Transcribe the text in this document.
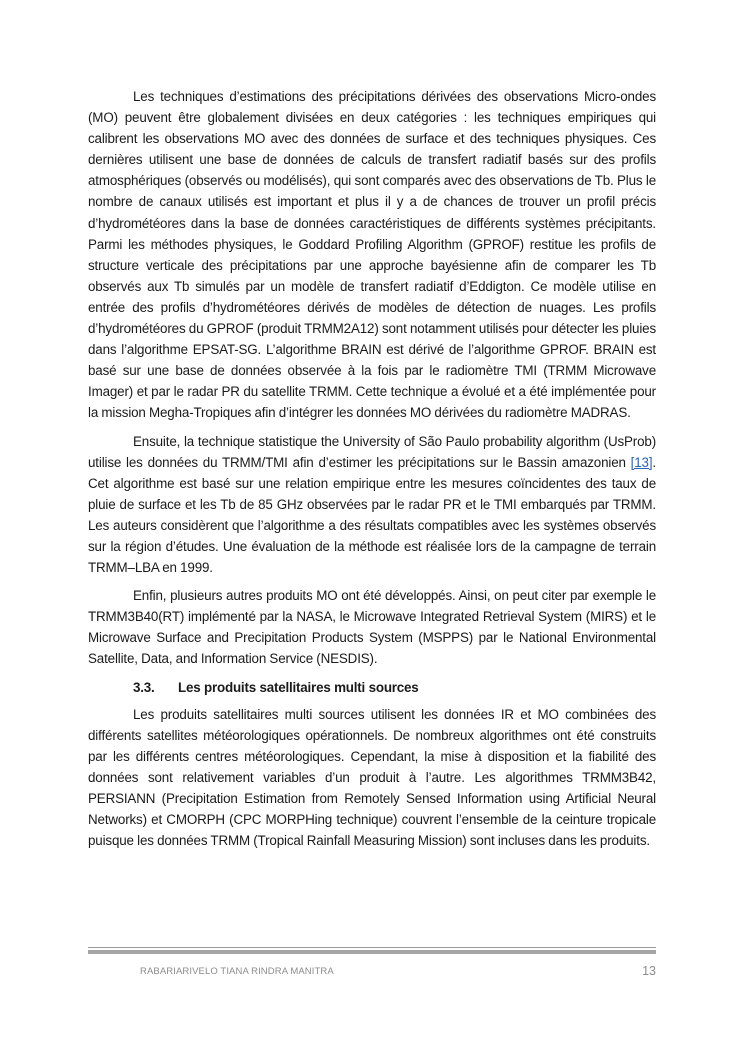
Les techniques d’estimations des précipitations dérivées des observations Micro-ondes (MO) peuvent être globalement divisées en deux catégories : les techniques empiriques qui calibrent les observations MO avec des données de surface et des techniques physiques. Ces dernières utilisent une base de données de calculs de transfert radiatif basés sur des profils atmosphériques (observés ou modélisés), qui sont comparés avec des observations de Tb. Plus le nombre de canaux utilisés est important et plus il y a de chances de trouver un profil précis d’hydrométéores dans la base de données caractéristiques de différents systèmes précipitants. Parmi les méthodes physiques, le Goddard Profiling Algorithm (GPROF) restitue les profils de structure verticale des précipitations par une approche bayésienne afin de comparer les Tb observés aux Tb simulés par un modèle de transfert radiatif d’Eddigton. Ce modèle utilise en entrée des profils d’hydrométéores dérivés de modèles de détection de nuages. Les profils d’hydrométéores du GPROF (produit TRMM2A12) sont notamment utilisés pour détecter les pluies dans l’algorithme EPSAT-SG. L’algorithme BRAIN est dérivé de l’algorithme GPROF. BRAIN est basé sur une base de données observée à la fois par le radiomètre TMI (TRMM Microwave Imager) et par le radar PR du satellite TRMM. Cette technique a évolué et a été implémentée pour la mission Megha-Tropiques afin d’intégrer les données MO dérivées du radiomètre MADRAS.

Ensuite, la technique statistique the University of São Paulo probability algorithm (UsProb) utilise les données du TRMM/TMI afin d’estimer les précipitations sur le Bassin amazonien [13]. Cet algorithme est basé sur une relation empirique entre les mesures coïncidentes des taux de pluie de surface et les Tb de 85 GHz observées par le radar PR et le TMI embarqués par TRMM. Les auteurs considèrent que l’algorithme a des résultats compatibles avec les systèmes observés sur la région d’études. Une évaluation de la méthode est réalisée lors de la campagne de terrain TRMM–LBA en 1999.

Enfin, plusieurs autres produits MO ont été développés. Ainsi, on peut citer par exemple le TRMM3B40(RT) implémenté par la NASA, le Microwave Integrated Retrieval System (MIRS) et le Microwave Surface and Precipitation Products System (MSPPS) par le National Environmental Satellite, Data, and Information Service (NESDIS).

3.3.	Les produits satellitaires multi sources

Les produits satellitaires multi sources utilisent les données IR et MO combinées des différents satellites météorologiques opérationnels. De nombreux algorithmes ont été construits par les différents centres météorologiques. Cependant, la mise à disposition et la fiabilité des données sont relativement variables d’un produit à l’autre. Les algorithmes TRMM3B42, PERSIANN (Precipitation Estimation from Remotely Sensed Information using Artificial Neural Networks) et CMORPH (CPC MORPHing technique) couvrent l’ensemble de la ceinture tropicale puisque les données TRMM (Tropical Rainfall Measuring Mission) sont incluses dans les produits.

RABARIARIVELO TIANA RINDRA MANITRA	13
